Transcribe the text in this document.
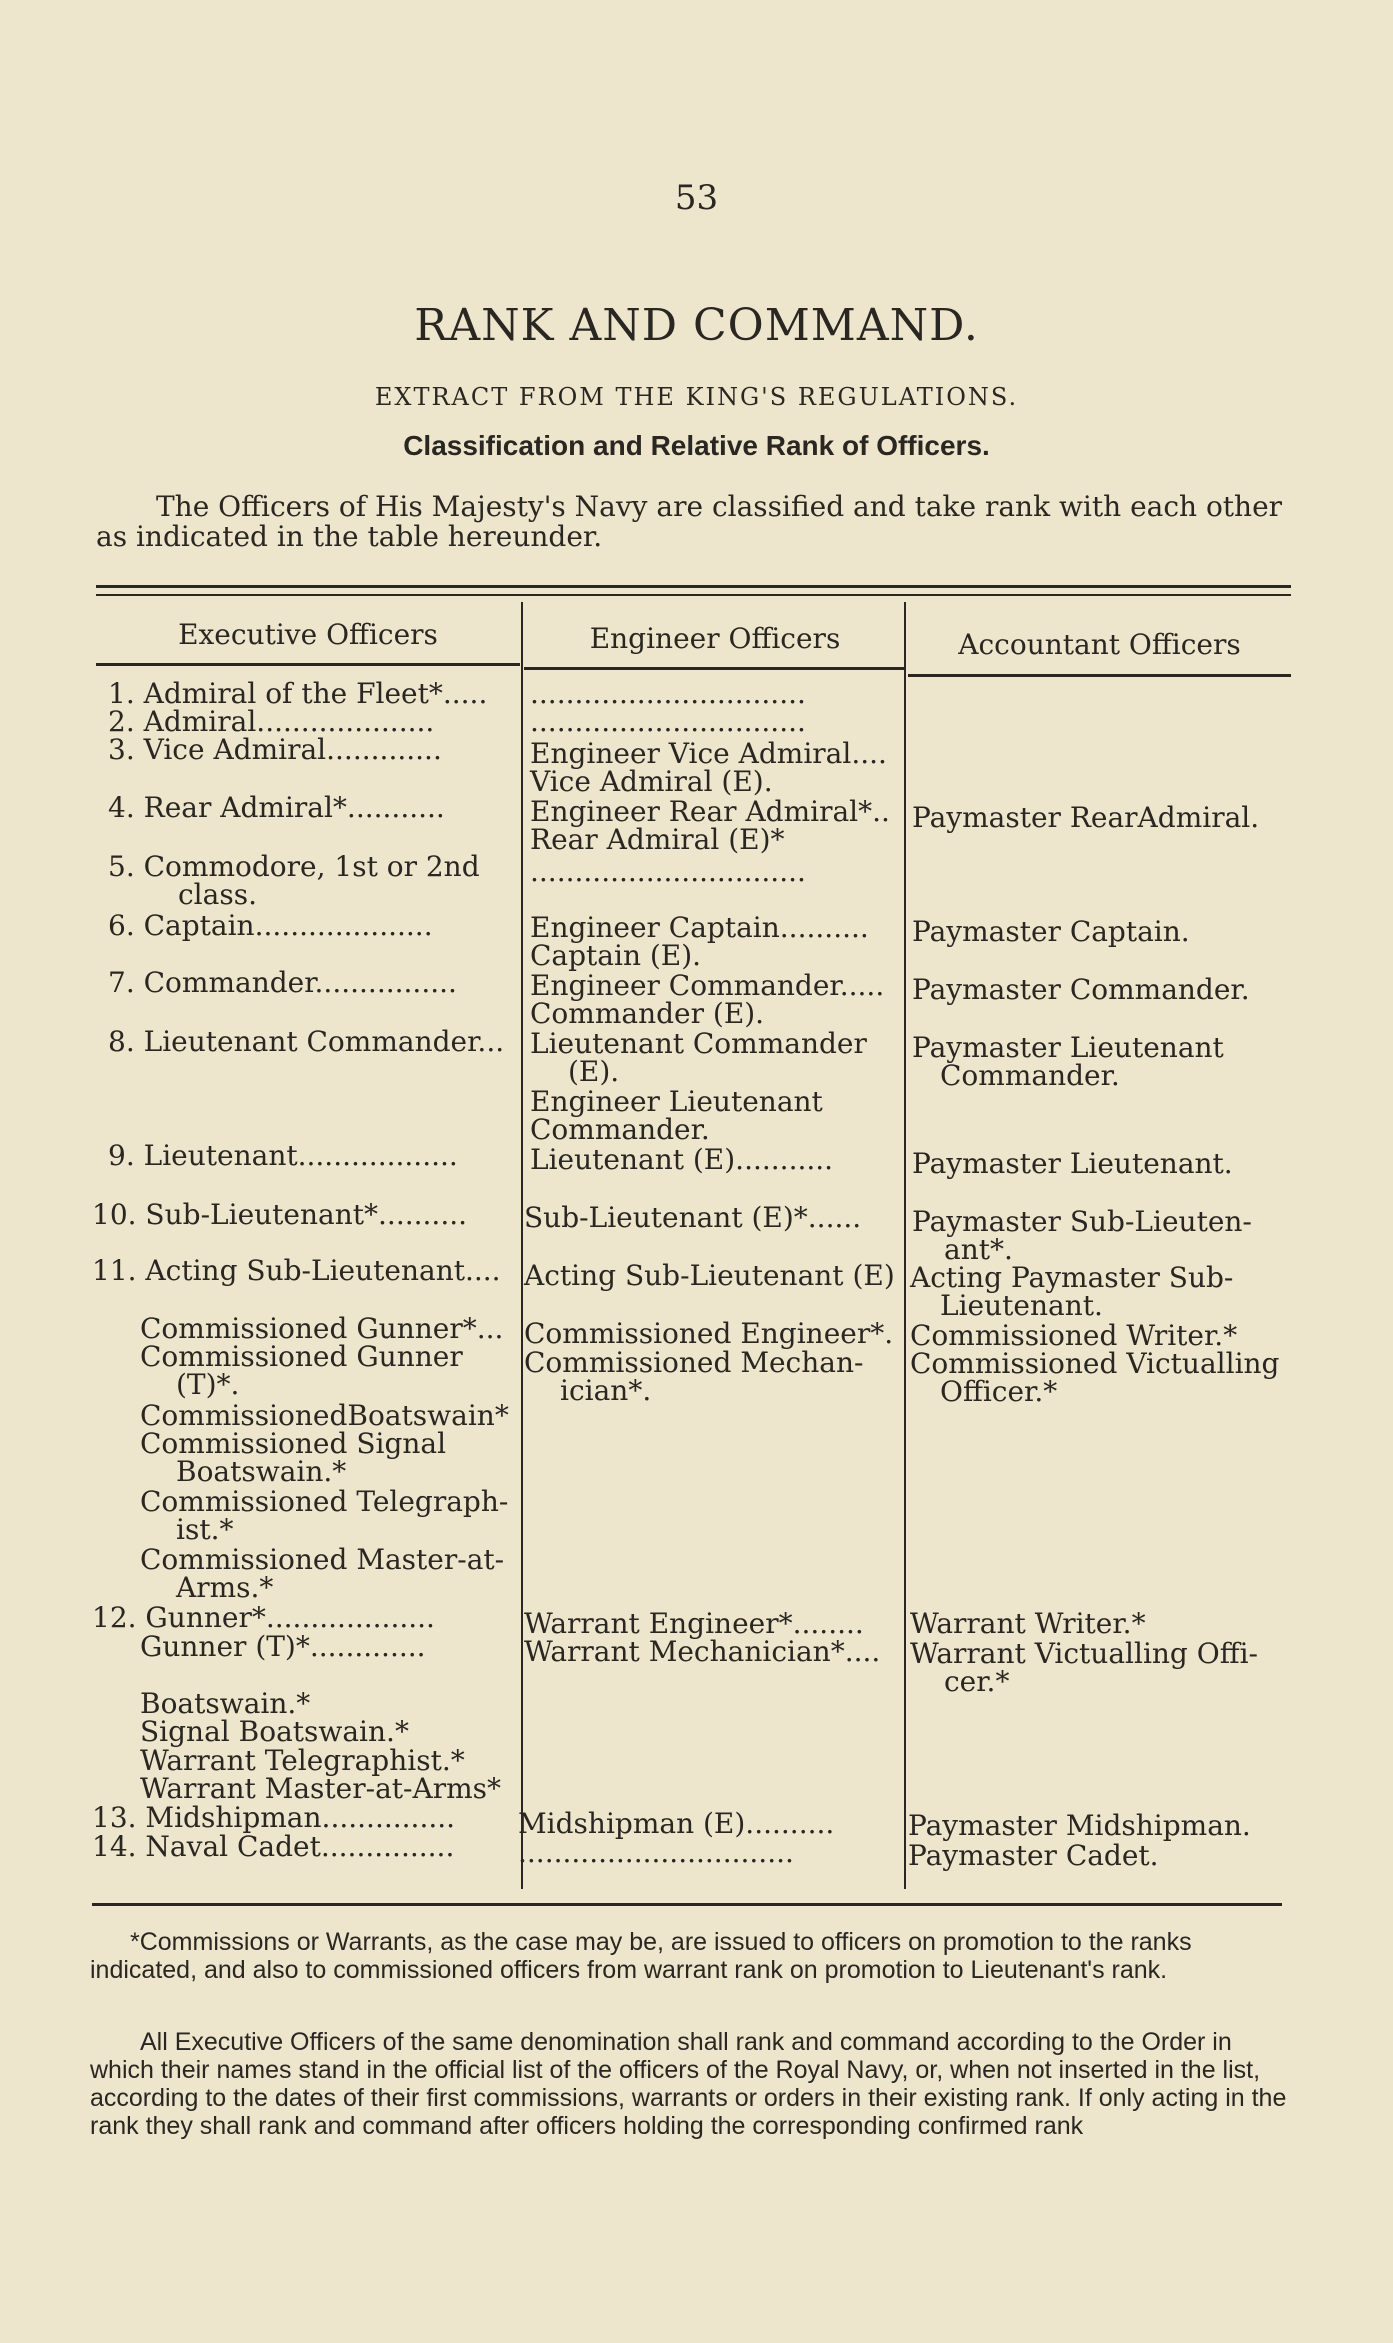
53
RANK AND COMMAND.
EXTRACT FROM THE KING'S REGULATIONS.
Classification and Relative Rank of Officers.
The Officers of His Majesty's Navy are classified and take rank with each other as indicated in the table hereunder.
Executive Officers	Engineer Officers	Accountant Officers
1. Admiral of the Fleet*.....
2. Admiral....................
3. Vice Admiral.............
4. Rear Admiral*...........
5. Commodore, 1st or 2nd
class.
6. Captain....................
7. Commander................
8. Lieutenant Commander...
9. Lieutenant..................
10. Sub-Lieutenant*..........
11. Acting Sub-Lieutenant....
Commissioned Gunner*...
Commissioned Gunner
(T)*.
CommissionedBoatswain*
Commissioned Signal
Boatswain.*
Commissioned Telegraph-
ist.*
Commissioned Master-at-
Arms.*
12. Gunner*...................
Gunner (T)*.............
Boatswain.*
Signal Boatswain.*
Warrant Telegraphist.*
Warrant Master-at-Arms*
13. Midshipman...............
14. Naval Cadet...............
...............................
...............................
Engineer Vice Admiral....
Vice Admiral (E).
Engineer Rear Admiral*..
Rear Admiral (E)*
...............................
Engineer Captain..........
Captain (E).
Engineer Commander.....
Commander (E).
Lieutenant Commander
(E).
Engineer Lieutenant
Commander.
Lieutenant (E)...........
Sub-Lieutenant (E)*......
Acting Sub-Lieutenant (E)
Commissioned Engineer*.
Commissioned Mechan-
ician*.
Warrant Engineer*........
Warrant Mechanician*....
Midshipman (E)..........
...............................
Paymaster RearAdmiral.
Paymaster Captain.
Paymaster Commander.
Paymaster Lieutenant
Commander.
Paymaster Lieutenant.
Paymaster Sub-Lieuten-
ant*.
Acting Paymaster Sub-
Lieutenant.
Commissioned Writer.*
Commissioned Victualling
Officer.*
Warrant Writer.*
Warrant Victualling Offi-
cer.*
Paymaster Midshipman.
Paymaster Cadet.
*Commissions or Warrants, as the case may be, are issued to officers on promotion to the ranks indicated, and also to commissioned officers from warrant rank on promotion to Lieutenant's rank.
All Executive Officers of the same denomination shall rank and command according to the Order in which their names stand in the official list of the officers of the Royal Navy, or, when not inserted in the list, according to the dates of their first commissions, warrants or orders in their existing rank. If only acting in the rank they shall rank and command after officers holding the corresponding confirmed rank
